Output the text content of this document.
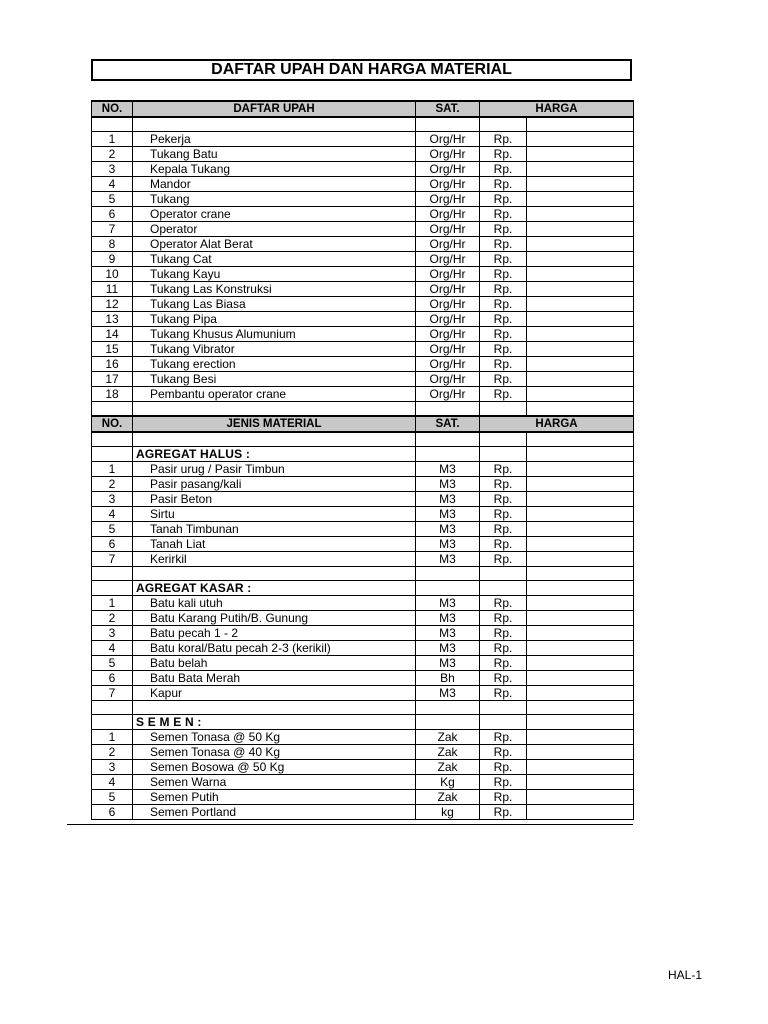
DAFTAR UPAH DAN HARGA MATERIAL
NO.	DAFTAR UPAH	SAT.	HARGA	

1	Pekerja	Org/Hr	Rp.	
2	Tukang Batu	Org/Hr	Rp.	
3	Kepala Tukang	Org/Hr	Rp.	
4	Mandor	Org/Hr	Rp.	
5	Tukang	Org/Hr	Rp.	
6	Operator crane	Org/Hr	Rp.	
7	Operator	Org/Hr	Rp.	
8	Operator Alat Berat	Org/Hr	Rp.	
9	Tukang Cat	Org/Hr	Rp.	
10	Tukang Kayu	Org/Hr	Rp.	
11	Tukang Las Konstruksi	Org/Hr	Rp.	
12	Tukang Las Biasa	Org/Hr	Rp.	
13	Tukang Pipa	Org/Hr	Rp.	
14	Tukang Khusus Alumunium	Org/Hr	Rp.	
15	Tukang Vibrator	Org/Hr	Rp.	
16	Tukang erection	Org/Hr	Rp.	
17	Tukang Besi	Org/Hr	Rp.	
18	Pembantu operator crane	Org/Hr	Rp.	

NO.	JENIS MATERIAL	SAT.	HARGA	

	AGREGAT HALUS :			
1	Pasir urug / Pasir Timbun	M3	Rp.	
2	Pasir pasang/kali	M3	Rp.	
3	Pasir Beton	M3	Rp.	
4	Sirtu	M3	Rp.	
5	Tanah Timbunan	M3	Rp.	
6	Tanah Liat	M3	Rp.	
7	Kerirkil	M3	Rp.	

	AGREGAT KASAR :			
1	Batu kali utuh	M3	Rp.	
2	Batu Karang Putih/B. Gunung	M3	Rp.	
3	Batu pecah 1 - 2	M3	Rp.	
4	Batu koral/Batu pecah 2-3 (kerikil)	M3	Rp.	
5	Batu belah	M3	Rp.	
6	Batu Bata Merah	Bh	Rp.	
7	Kapur	M3	Rp.	

	S E M E N :			
1	Semen Tonasa @ 50 Kg	Zak	Rp.	
2	Semen Tonasa @ 40 Kg	Zak	Rp.	
3	Semen Bosowa @ 50 Kg	Zak	Rp.	
4	Semen Warna	Kg	Rp.	
5	Semen Putih	Zak	Rp.	
6	Semen Portland	kg	Rp.	
HAL-1
